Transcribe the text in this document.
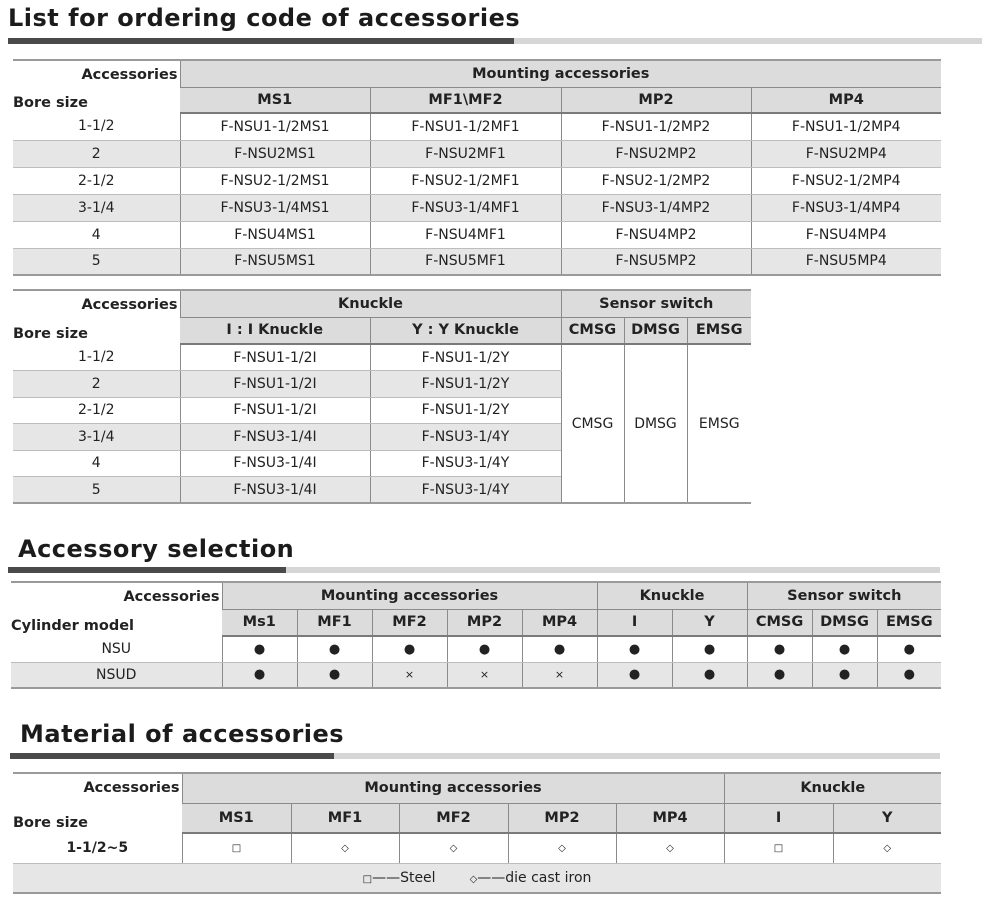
List for ordering code of accessories
Accessories
Bore size	Mounting accessories			
	MS1	MF1\MF2	MP2	MP4
1-1/2	F-NSU1-1/2MS1	F-NSU1-1/2MF1	F-NSU1-1/2MP2	F-NSU1-1/2MP4
2	F-NSU2MS1	F-NSU2MF1	F-NSU2MP2	F-NSU2MP4
2-1/2	F-NSU2-1/2MS1	F-NSU2-1/2MF1	F-NSU2-1/2MP2	F-NSU2-1/2MP4
3-1/4	F-NSU3-1/4MS1	F-NSU3-1/4MF1	F-NSU3-1/4MP2	F-NSU3-1/4MP4
4	F-NSU4MS1	F-NSU4MF1	F-NSU4MP2	F-NSU4MP4
5	F-NSU5MS1	F-NSU5MF1	F-NSU5MP2	F-NSU5MP4
Accessories
Bore size	Knuckle		Sensor switch		
	I : I Knuckle	Y : Y Knuckle	CMSG	DMSG	EMSG
1-1/2	F-NSU1-1/2I	F-NSU1-1/2Y	CMSG	DMSG	EMSG
2	F-NSU1-1/2I	F-NSU1-1/2Y			
2-1/2	F-NSU1-1/2I	F-NSU1-1/2Y			
3-1/4	F-NSU3-1/4I	F-NSU3-1/4Y			
4	F-NSU3-1/4I	F-NSU3-1/4Y			
5	F-NSU3-1/4I	F-NSU3-1/4Y			
Accessory selection
Accessories
Cylinder model	Mounting accessories					Knuckle		Sensor switch		
	Ms1	MF1	MF2	MP2	MP4	I	Y	CMSG	DMSG	EMSG
NSU	●	●	●	●	●	●	●	●	●	●
NSUD	●	●	×	×	×	●	●	●	●	●
Material of accessories
Accessories
Bore size	Mounting accessories					Knuckle	
	MS1	MF1	MF2	MP2	MP4	I	Y
1-1/2~5	□	◇	◇	◇	◇	□	◇
□——Steel ◇——die cast iron							
